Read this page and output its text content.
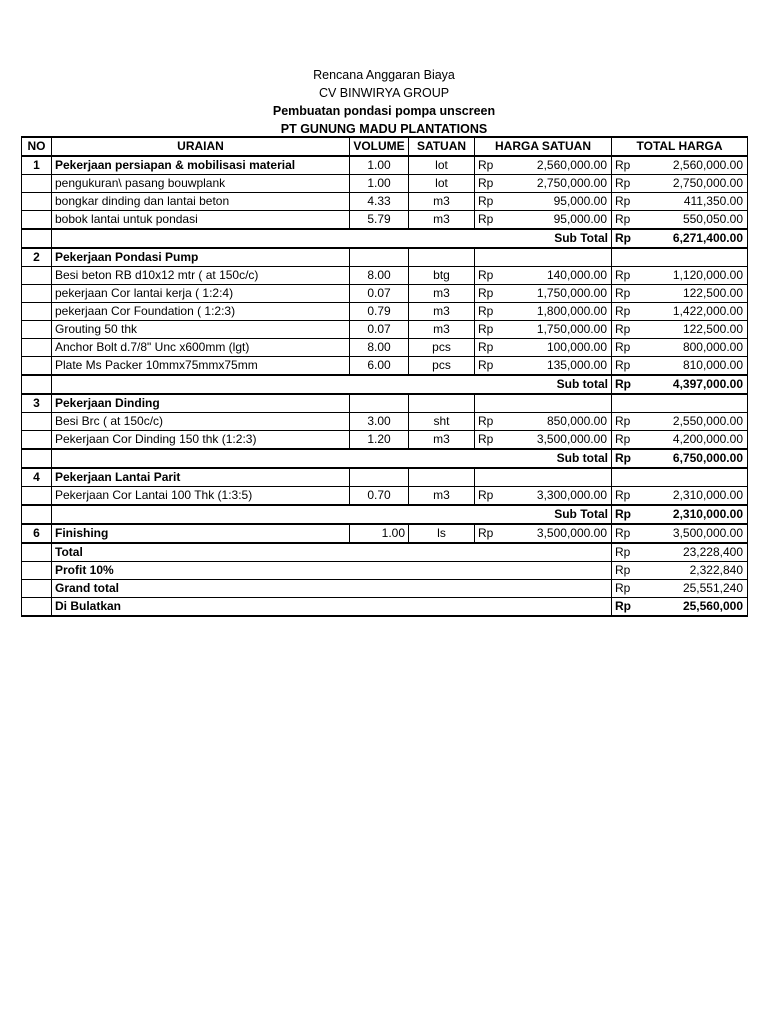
Rencana Anggaran Biaya
CV BINWIRYA GROUP
Pembuatan pondasi pompa unscreen
PT GUNUNG MADU PLANTATIONS
NO	URAIAN	VOLUME	SATUAN	HARGA SATUAN		TOTAL HARGA	
1	Pekerjaan persiapan & mobilisasi material	1.00	lot	Rp	2,560,000.00	Rp	2,560,000.00
	pengukuran\ pasang bouwplank	1.00	lot	Rp	2,750,000.00	Rp	2,750,000.00
	bongkar dinding dan lantai beton	4.33	m3	Rp	95,000.00	Rp	411,350.00
	bobok lantai untuk pondasi	5.79	m3	Rp	95,000.00	Rp	550,050.00
	Sub Total					Rp	6,271,400.00
2	Pekerjaan Pondasi Pump						
	Besi beton RB d10x12 mtr ( at 150c/c)	8.00	btg	Rp	140,000.00	Rp	1,120,000.00
	pekerjaan Cor lantai kerja ( 1:2:4)	0.07	m3	Rp	1,750,000.00	Rp	122,500.00
	pekerjaan Cor Foundation ( 1:2:3)	0.79	m3	Rp	1,800,000.00	Rp	1,422,000.00
	Grouting 50 thk	0.07	m3	Rp	1,750,000.00	Rp	122,500.00
	Anchor Bolt d.7/8" Unc x600mm (lgt)	8.00	pcs	Rp	100,000.00	Rp	800,000.00
	Plate Ms Packer 10mmx75mmx75mm	6.00	pcs	Rp	135,000.00	Rp	810,000.00
	Sub total					Rp	4,397,000.00
3	Pekerjaan Dinding						
	Besi Brc ( at 150c/c)	3.00	sht	Rp	850,000.00	Rp	2,550,000.00
	Pekerjaan Cor Dinding 150 thk (1:2:3)	1.20	m3	Rp	3,500,000.00	Rp	4,200,000.00
	Sub total					Rp	6,750,000.00
4	Pekerjaan Lantai Parit						
	Pekerjaan Cor Lantai 100 Thk (1:3:5)	0.70	m3	Rp	3,300,000.00	Rp	2,310,000.00
	Sub Total					Rp	2,310,000.00
6	Finishing	1.00	ls	Rp	3,500,000.00	Rp	3,500,000.00
	Total					Rp	23,228,400
	Profit 10%					Rp	2,322,840
	Grand total					Rp	25,551,240
	Di Bulatkan					Rp	25,560,000
